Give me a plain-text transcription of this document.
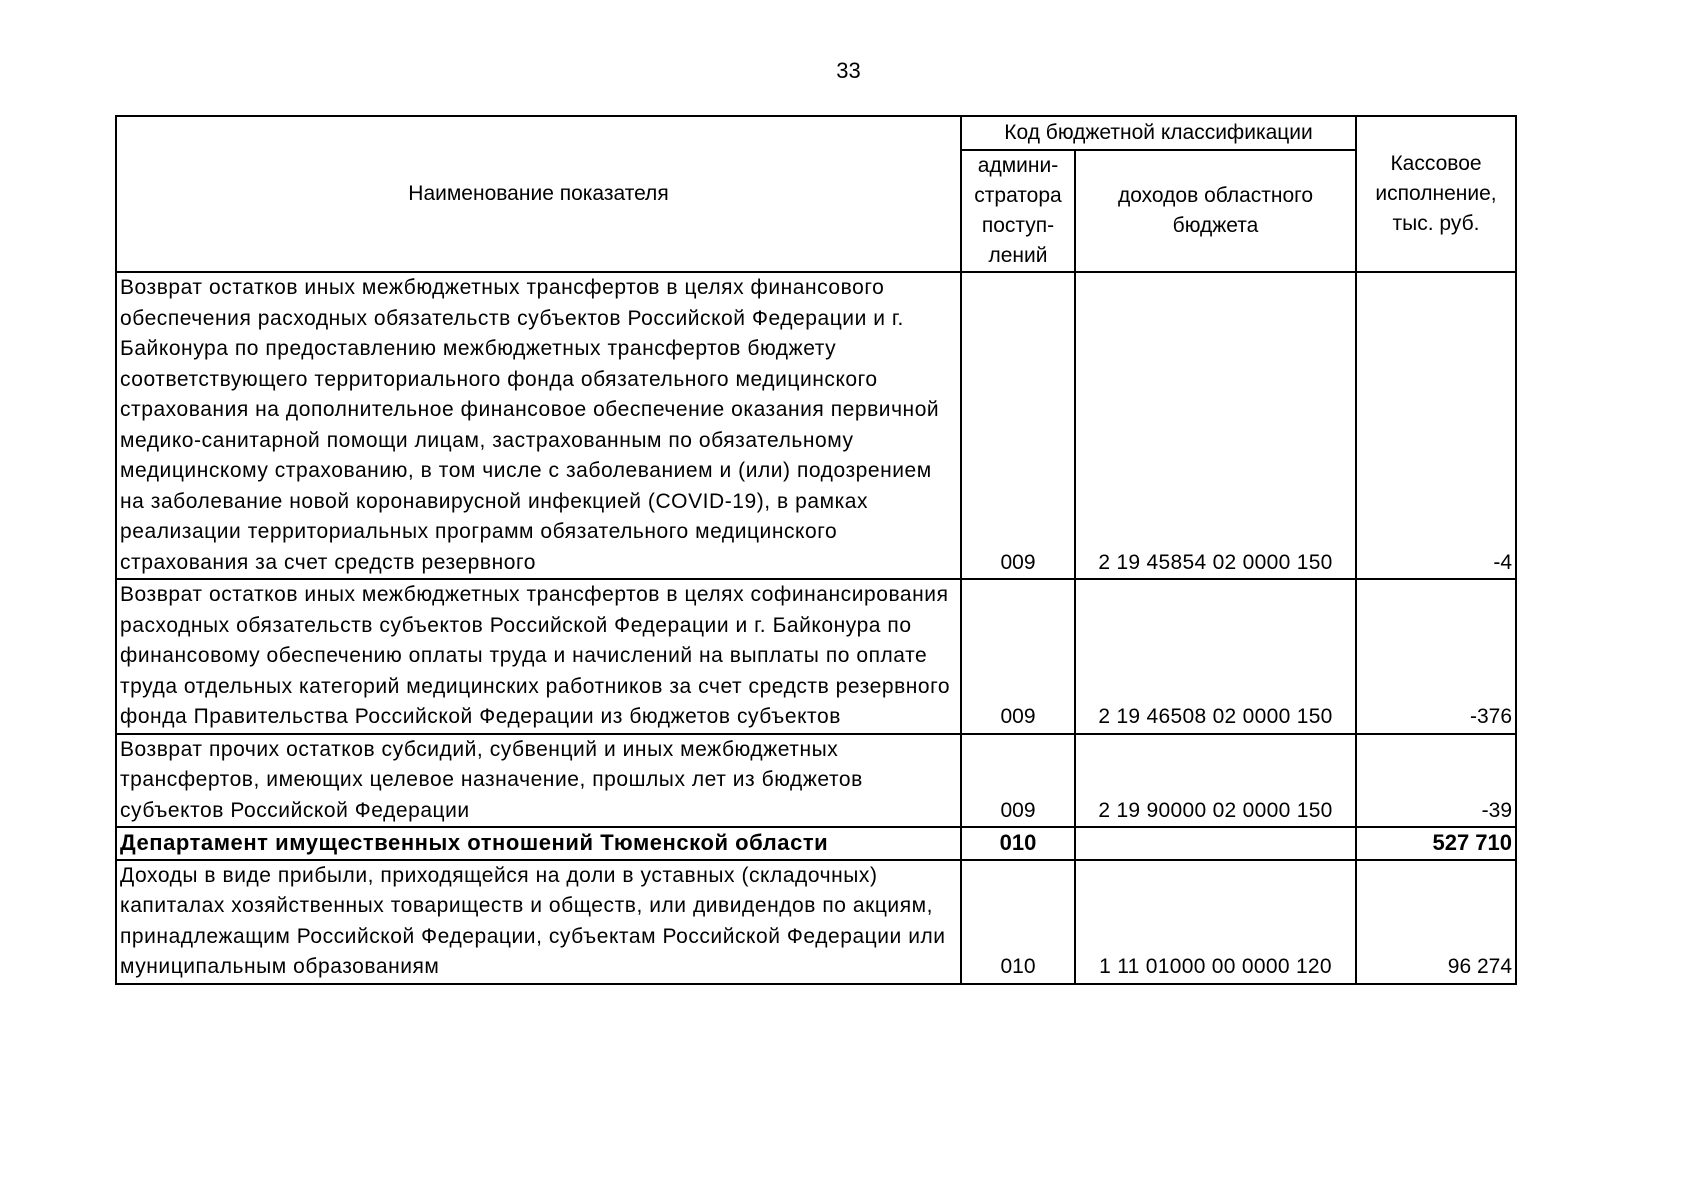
33
Наименование показателя	Код бюджетной классификации		Кассовое исполнение, тыс. руб.
	админи-стратора поступ-лений	доходов областного бюджета	
Возврат остатков иных межбюджетных трансфертов в целях финансового обеспечения расходных обязательств субъектов Российской Федерации и г. Байконура по предоставлению межбюджетных трансфертов бюджету соответствующего территориального фонда обязательного медицинского страхования на дополнительное финансовое обеспечение оказания первичной медико-санитарной помощи лицам, застрахованным по обязательному медицинскому страхованию, в том числе с заболеванием и (или) подозрением на заболевание новой коронавирусной инфекцией (COVID-19), в рамках реализации территориальных программ обязательного медицинского страхования за счет средств резервного	009	2 19 45854 02 0000 150	-4
Возврат остатков иных межбюджетных трансфертов в целях софинансирования расходных обязательств субъектов Российской Федерации и г. Байконура по финансовому обеспечению оплаты труда и начислений на выплаты по оплате труда отдельных категорий медицинских работников за счет средств резервного фонда Правительства Российской Федерации из бюджетов субъектов	009	2 19 46508 02 0000 150	-376
Возврат прочих остатков субсидий, субвенций и иных межбюджетных трансфертов, имеющих целевое назначение, прошлых лет из бюджетов субъектов Российской Федерации	009	2 19 90000 02 0000 150	-39
Департамент имущественных отношений Тюменской области	010		527 710
Доходы в виде прибыли, приходящейся на доли в уставных (складочных) капиталах хозяйственных товариществ и обществ, или дивидендов по акциям, принадлежащим Российской Федерации, субъектам Российской Федерации или муниципальным образованиям	010	1 11 01000 00 0000 120	96 274
